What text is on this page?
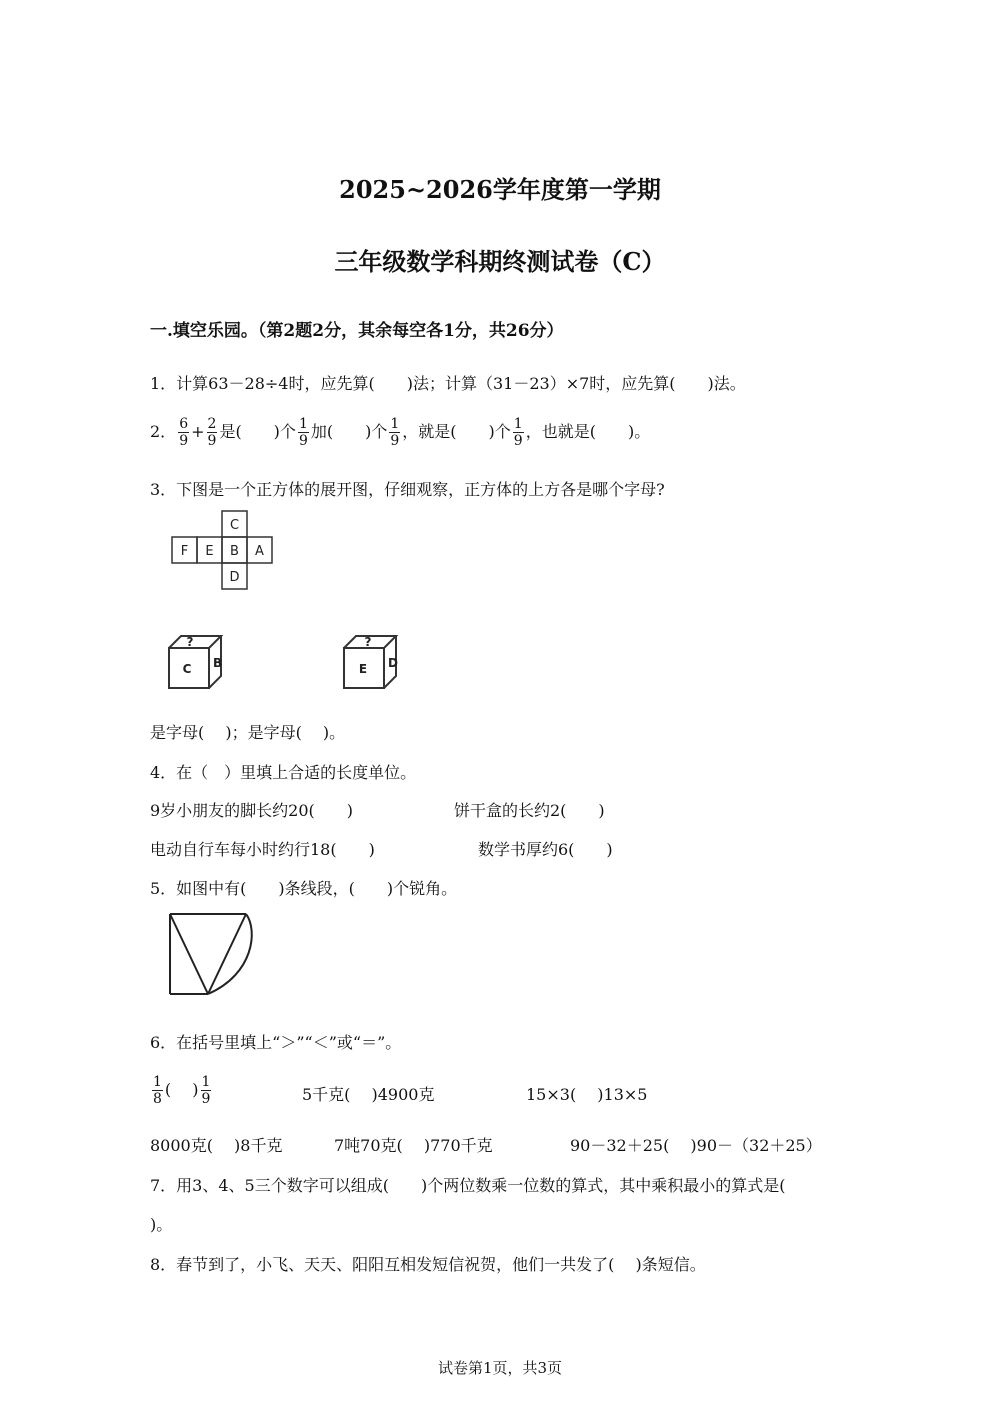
2025~2026学年度第一学期
三年级数学科期终测试卷（C）
一.填空乐园。（第2题2分，其余每空各1分，共26分）
1．计算63－28÷4时，应先算(　　)法；计算（31－23）×7时，应先算(　　)法。
2． $\frac{6}{9} + \frac{2}{9}$ 是(　　)个 $\frac{1}{9}$ 加(　　)个 $\frac{1}{9}$ ，就是(　　)个 $\frac{1}{9}$ ，也就是(　　)。
3．下图是一个正方体的展开图，仔细观察，正方体的上方各是哪个字母?
C
F E B A
D
?
C B
?
E D
是字母(　 )；是字母(　 )。
4．在（　）里填上合适的长度单位。
9岁小朋友的脚长约20(　　)	饼干盒的长约2(　　)
电动自行车每小时约行18(　　)	数学书厚约6(　　)
5．如图中有(　　)条线段，(　　)个锐角。
6．在括号里填上“＞”“＜”或“＝”。
$\frac{1}{8}$ (　 ) $\frac{1}{9}$	5千克(　 )4900克	15×3(　 )13×5
8000克(　 )8千克	7吨70克(　 )770千克	90－32＋25(　 )90－（32＋25）
7．用3、4、5三个数字可以组成(　　)个两位数乘一位数的算式，其中乘积最小的算式是(
)。
8．春节到了，小飞、天天、阳阳互相发短信祝贺，他们一共发了(　 )条短信。
试卷第1页，共3页
